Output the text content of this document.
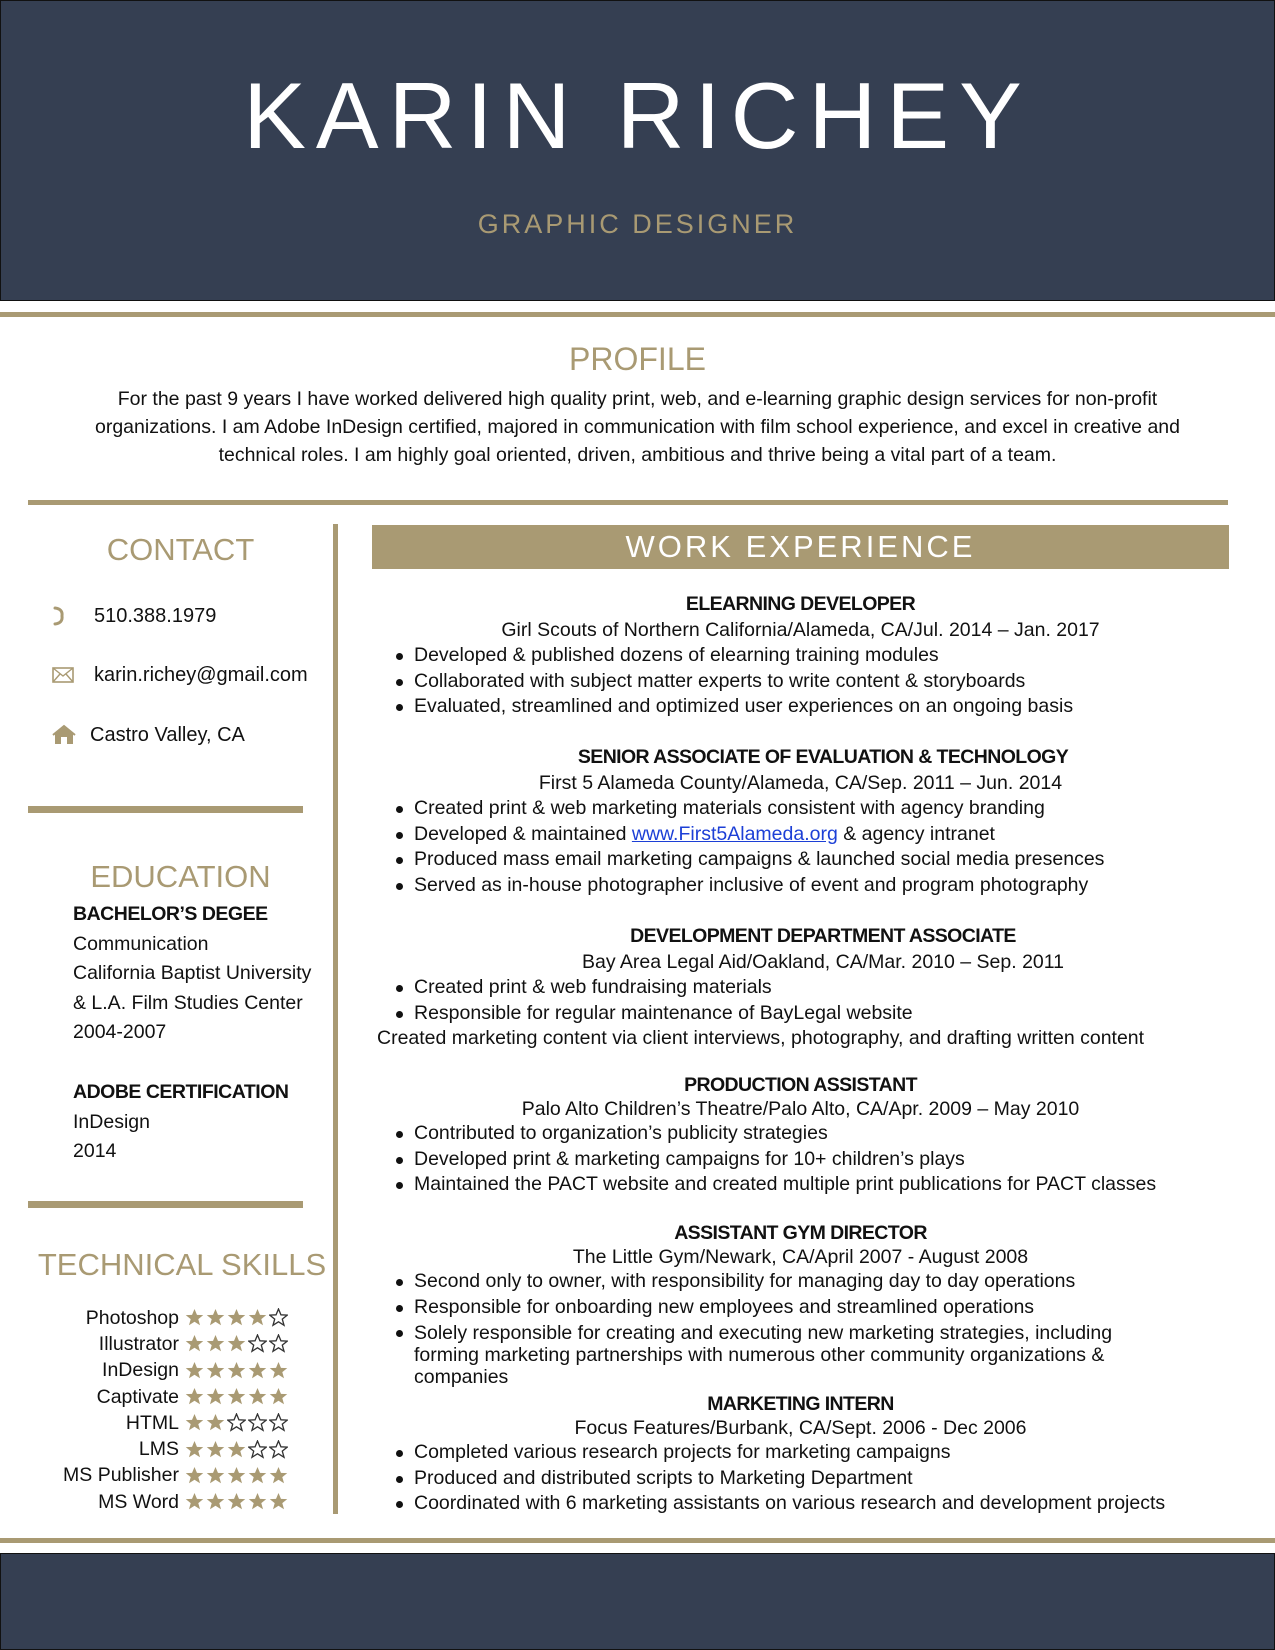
KARIN RICHEY
GRAPHIC DESIGNER
PROFILE
For the past 9 years I have worked delivered high quality print, web, and e-learning graphic design services for non-profit organizations. I am Adobe InDesign certified, majored in communication with film school experience, and excel in creative and technical roles. I am highly goal oriented, driven, ambitious and thrive being a vital part of a team.
CONTACT
510.388.1979
karin.richey@gmail.com
Castro Valley, CA
EDUCATION
BACHELOR’S DEGEE
Communication
California Baptist University
& L.A. Film Studies Center
2004-2007
ADOBE CERTIFICATION
InDesign
2014
TECHNICAL SKILLS
Photoshop
Illustrator
InDesign
Captivate
HTML
LMS
MS Publisher
MS Word
WORK EXPERIENCE
ELEARNING DEVELOPER
Girl Scouts of Northern California/Alameda, CA/Jul. 2014 – Jan. 2017
Developed & published dozens of elearning training modules
Collaborated with subject matter experts to write content & storyboards
Evaluated, streamlined and optimized user experiences on an ongoing basis
SENIOR ASSOCIATE OF EVALUATION & TECHNOLOGY
First 5 Alameda County/Alameda, CA/Sep. 2011 – Jun. 2014
Created print & web marketing materials consistent with agency branding
Developed & maintained www.First5Alameda.org & agency intranet
Produced mass email marketing campaigns & launched social media presences
Served as in-house photographer inclusive of event and program photography
DEVELOPMENT DEPARTMENT ASSOCIATE
Bay Area Legal Aid/Oakland, CA/Mar. 2010 – Sep. 2011
Created print & web fundraising materials
Responsible for regular maintenance of BayLegal website
Created marketing content via client interviews, photography, and drafting written content
PRODUCTION ASSISTANT
Palo Alto Children’s Theatre/Palo Alto, CA/Apr. 2009 – May 2010
Contributed to organization’s publicity strategies
Developed print & marketing campaigns for 10+ children’s plays
Maintained the PACT website and created multiple print publications for PACT classes
ASSISTANT GYM DIRECTOR
The Little Gym/Newark, CA/April 2007 - August 2008
Second only to owner, with responsibility for managing day to day operations
Responsible for onboarding new employees and streamlined operations
Solely responsible for creating and executing new marketing strategies, including forming marketing partnerships with numerous other community organizations & companies
MARKETING INTERN
Focus Features/Burbank, CA/Sept. 2006 - Dec 2006
Completed various research projects for marketing campaigns
Produced and distributed scripts to Marketing Department
Coordinated with 6 marketing assistants on various research and development projects
